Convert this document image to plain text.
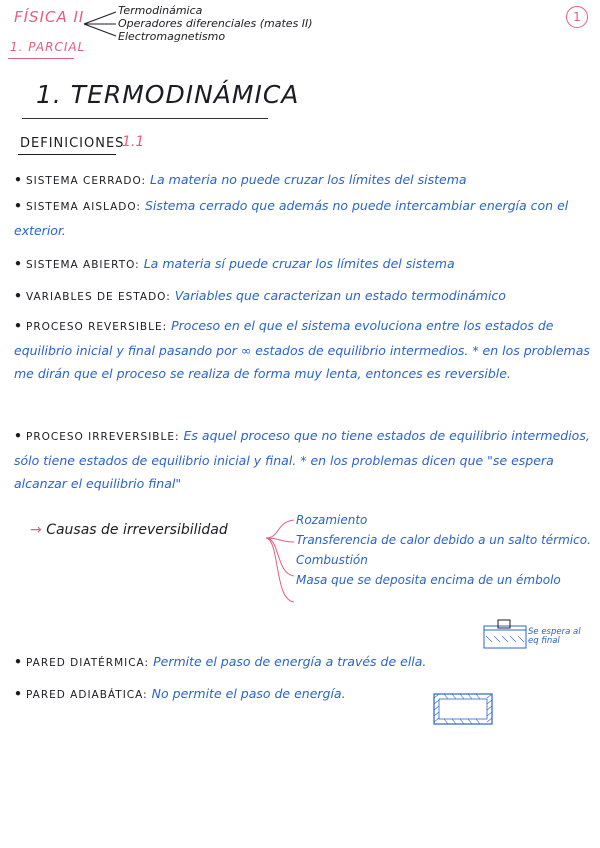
FÍSICA II
1. PARCIAL
Termodinámica
Operadores diferenciales (mates II)
Electromagnetismo
1
1. TERMODINÁMICA
DEFINICIONES
1.1
• SISTEMA CERRADO: La materia no puede cruzar los límites del sistema
• SISTEMA AISLADO: Sistema cerrado que además no puede intercambiar energía con el exterior.
• SISTEMA ABIERTO: La materia sí puede cruzar los límites del sistema
• VARIABLES DE ESTADO: Variables que caracterizan un estado termodinámico
• PROCESO REVERSIBLE: Proceso en el que el sistema evoluciona entre los estados de equilibrio inicial y final pasando por ∞ estados de equilibrio intermedios. * en los problemas me dirán que el proceso se realiza de forma muy lenta, entonces es reversible.
• PROCESO IRREVERSIBLE: Es aquel proceso que no tiene estados de equilibrio intermedios, sólo tiene estados de equilibrio inicial y final. * en los problemas dicen que "se espera alcanzar el equilibrio final"
→ Causas de irreversibilidad
Rozamiento
Transferencia de calor debido a un salto térmico.
Combustión
Masa que se deposita encima de un émbolo
Se espera al eq final
• PARED DIATÉRMICA: Permite el paso de energía a través de ella.
• PARED ADIABÁTICA: No permite el paso de energía.
